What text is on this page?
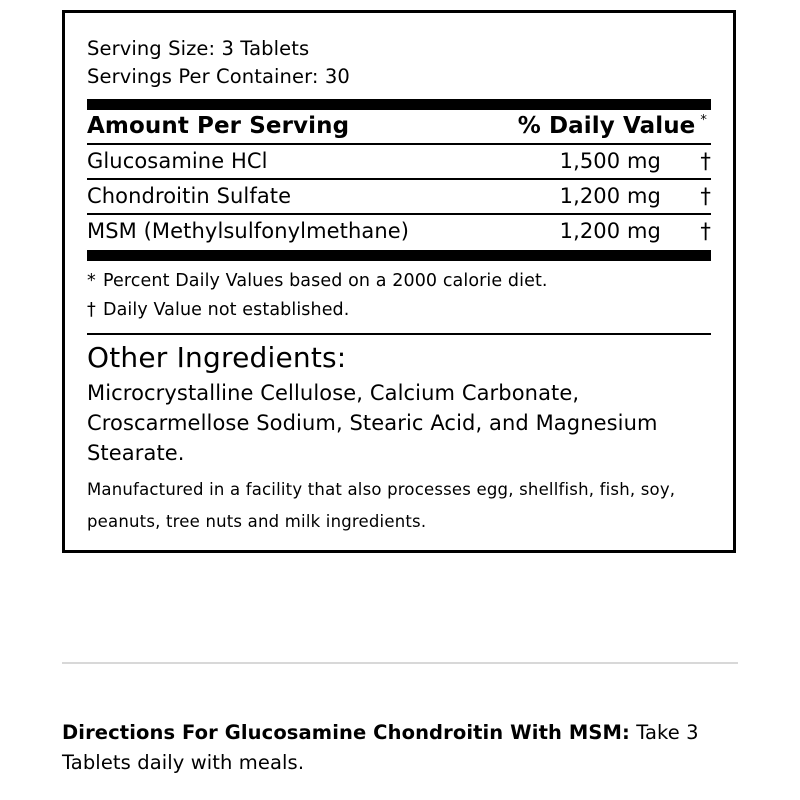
Serving Size: 3 Tablets
Servings Per Container: 30
Amount Per Serving	% Daily Value *
Glucosamine HCl	1,500 mg	†
Chondroitin Sulfate	1,200 mg	†
MSM (Methylsulfonylmethane)	1,200 mg	†
* Percent Daily Values based on a 2000 calorie diet.
† Daily Value not established.
Other Ingredients:
Microcrystalline Cellulose, Calcium Carbonate, Croscarmellose Sodium, Stearic Acid, and Magnesium Stearate.
Manufactured in a facility that also processes egg, shellfish, fish, soy, peanuts, tree nuts and milk ingredients.
Directions For Glucosamine Chondroitin With MSM: Take 3 Tablets daily with meals.
